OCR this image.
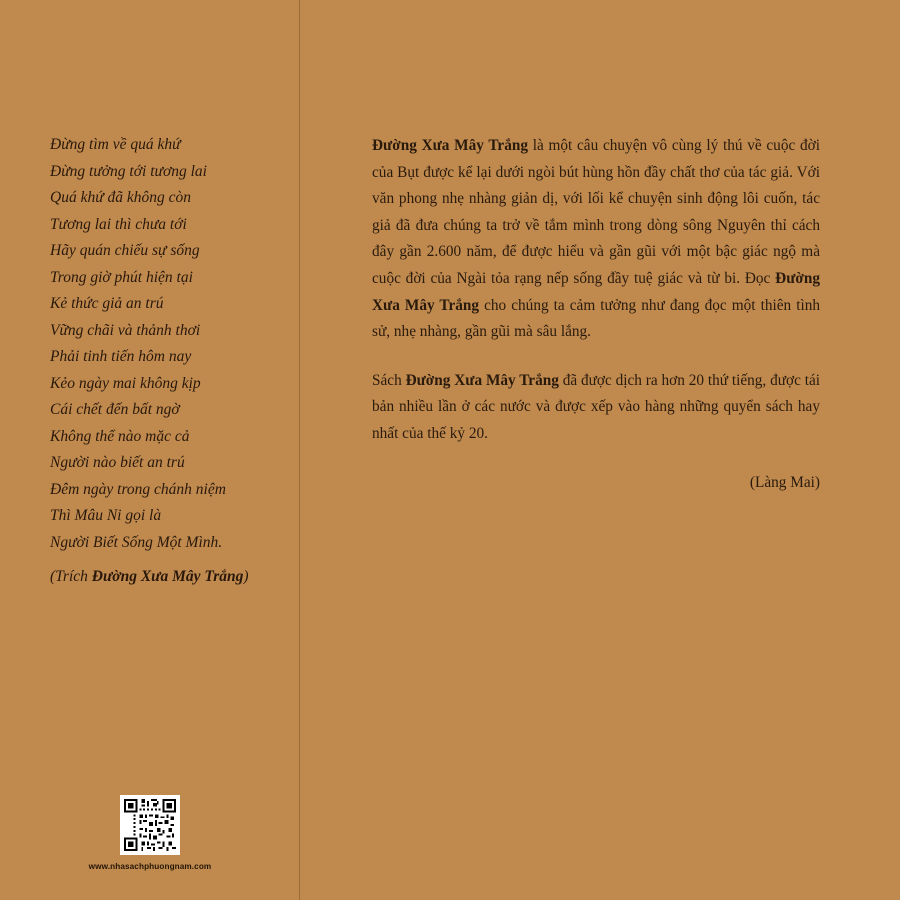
Đừng tìm về quá khứ
Đừng tưởng tới tương lai
Quá khứ đã không còn
Tương lai thì chưa tới
Hãy quán chiếu sự sống
Trong giờ phút hiện tại
Kẻ thức giả an trú
Vững chãi và thảnh thơi
Phải tinh tiến hôm nay
Kẻo ngày mai không kịp
Cái chết đến bất ngờ
Không thể nào mặc cả
Người nào biết an trú
Đêm ngày trong chánh niệm
Thì Mâu Ni gọi là
Người Biết Sống Một Mình.
(Trích Đường Xưa Mây Trắng)
www.nhasachphuongnam.com

Đường Xưa Mây Trắng là một câu chuyện vô cùng lý thú về cuộc đời của Bụt được kể lại dưới ngòi bút hùng hồn đầy chất thơ của tác giả. Với văn phong nhẹ nhàng giản dị, với lối kể chuyện sinh động lôi cuốn, tác giả đã đưa chúng ta trở về tắm mình trong dòng sông Nguyên thỉ cách đây gần 2.600 năm, để được hiểu và gần gũi với một bậc giác ngộ mà cuộc đời của Ngài tỏa rạng nếp sống đầy tuệ giác và từ bi. Đọc Đường Xưa Mây Trắng cho chúng ta cảm tưởng như đang đọc một thiên tình sử, nhẹ nhàng, gần gũi mà sâu lắng.

Sách Đường Xưa Mây Trắng đã được dịch ra hơn 20 thứ tiếng, được tái bản nhiều lần ở các nước và được xếp vào hàng những quyển sách hay nhất của thế kỷ 20.

(Làng Mai)
